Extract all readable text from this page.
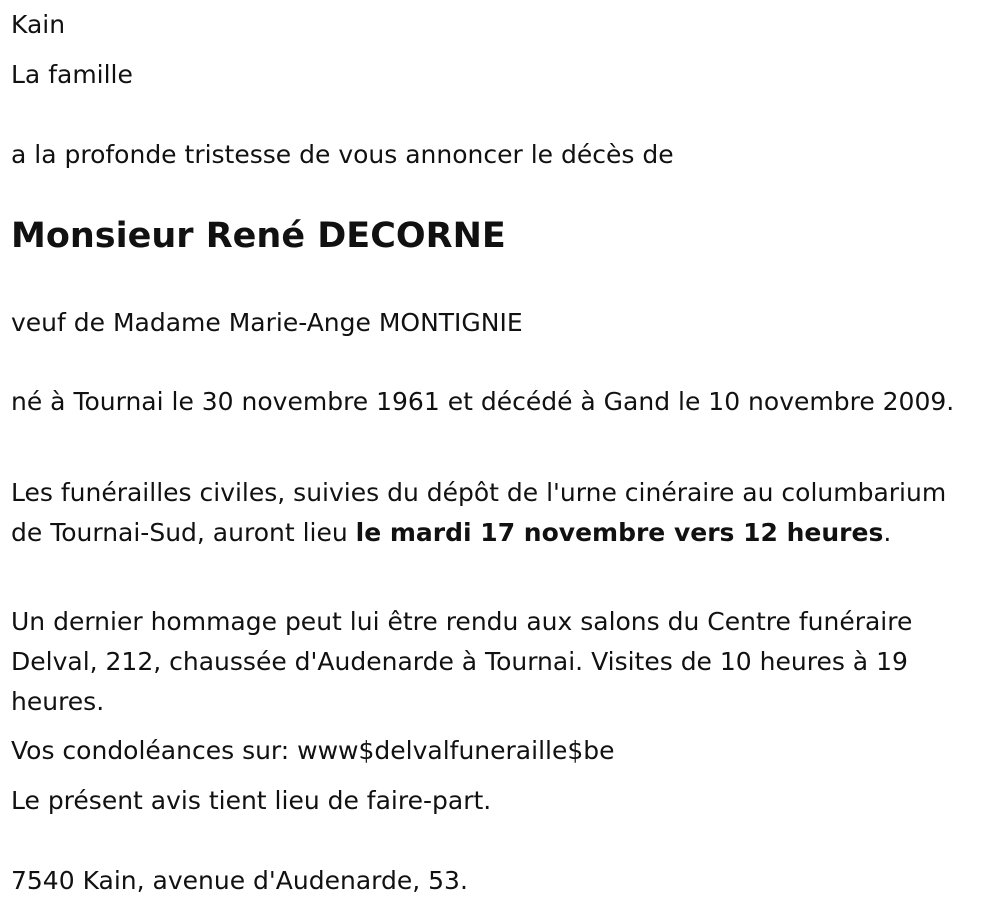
Kain

La famille

a la profonde tristesse de vous annoncer le décès de

Monsieur René DECORNE

veuf de Madame Marie-Ange MONTIGNIE

né à Tournai le 30 novembre 1961 et décédé à Gand le 10 novembre 2009.

Les funérailles civiles, suivies du dépôt de l'urne cinéraire au columbarium de Tournai-Sud, auront lieu le mardi 17 novembre vers 12 heures.

Un dernier hommage peut lui être rendu aux salons du Centre funéraire Delval, 212, chaussée d'Audenarde à Tournai. Visites de 10 heures à 19 heures.

Vos condoléances sur: www$delvalfuneraille$be

Le présent avis tient lieu de faire-part.

7540 Kain, avenue d'Audenarde, 53.
